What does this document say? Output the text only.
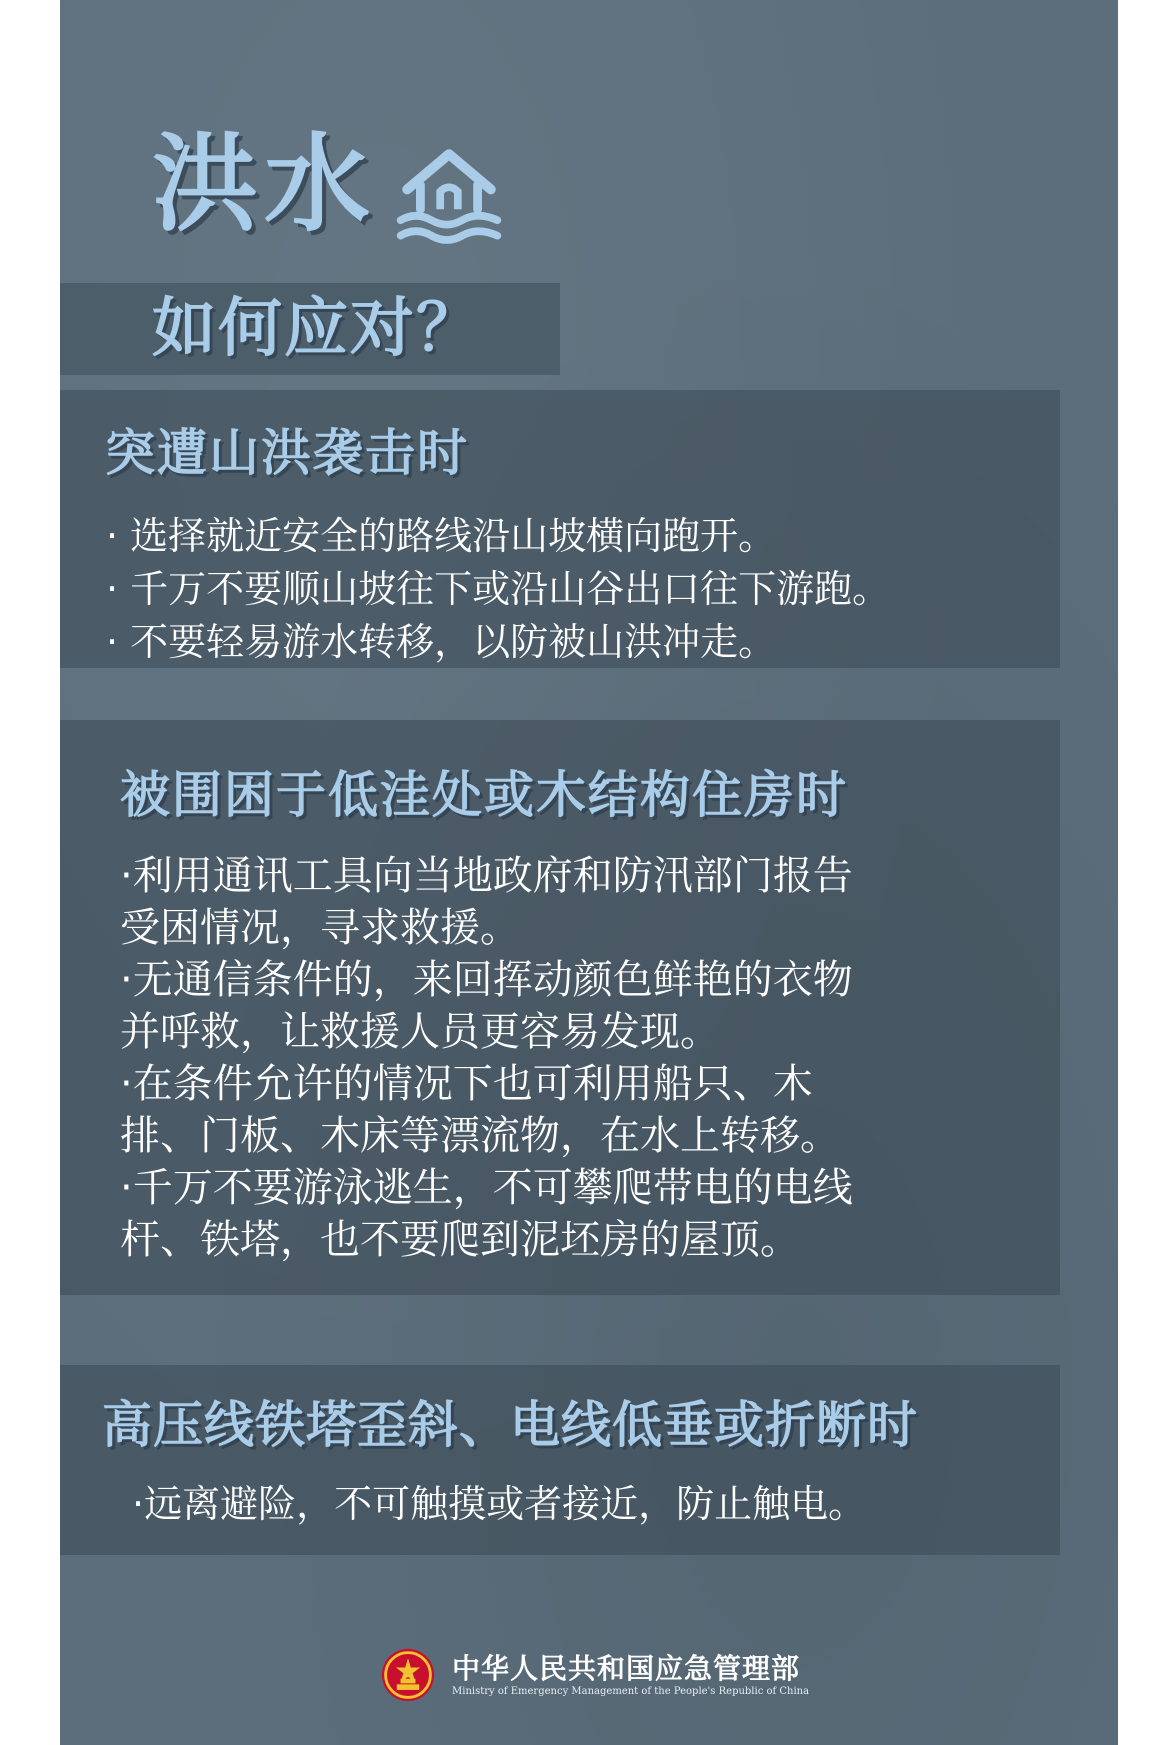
洪水
如何应对？
突遭山洪袭击时
· 选择就近安全的路线沿山坡横向跑开。
· 千万不要顺山坡往下或沿山谷出口往下游跑。
· 不要轻易游水转移，以防被山洪冲走。
被围困于低洼处或木结构住房时
·利用通讯工具向当地政府和防汛部门报告
受困情况，寻求救援。
·无通信条件的，来回挥动颜色鲜艳的衣物
并呼救，让救援人员更容易发现。
·在条件允许的情况下也可利用船只、木
排、门板、木床等漂流物，在水上转移。
·千万不要游泳逃生，不可攀爬带电的电线
杆、铁塔，也不要爬到泥坯房的屋顶。
高压线铁塔歪斜、电线低垂或折断时
·远离避险，不可触摸或者接近，防止触电。
中华人民共和国应急管理部
Ministry of Emergency Management of the People's Republic of China
